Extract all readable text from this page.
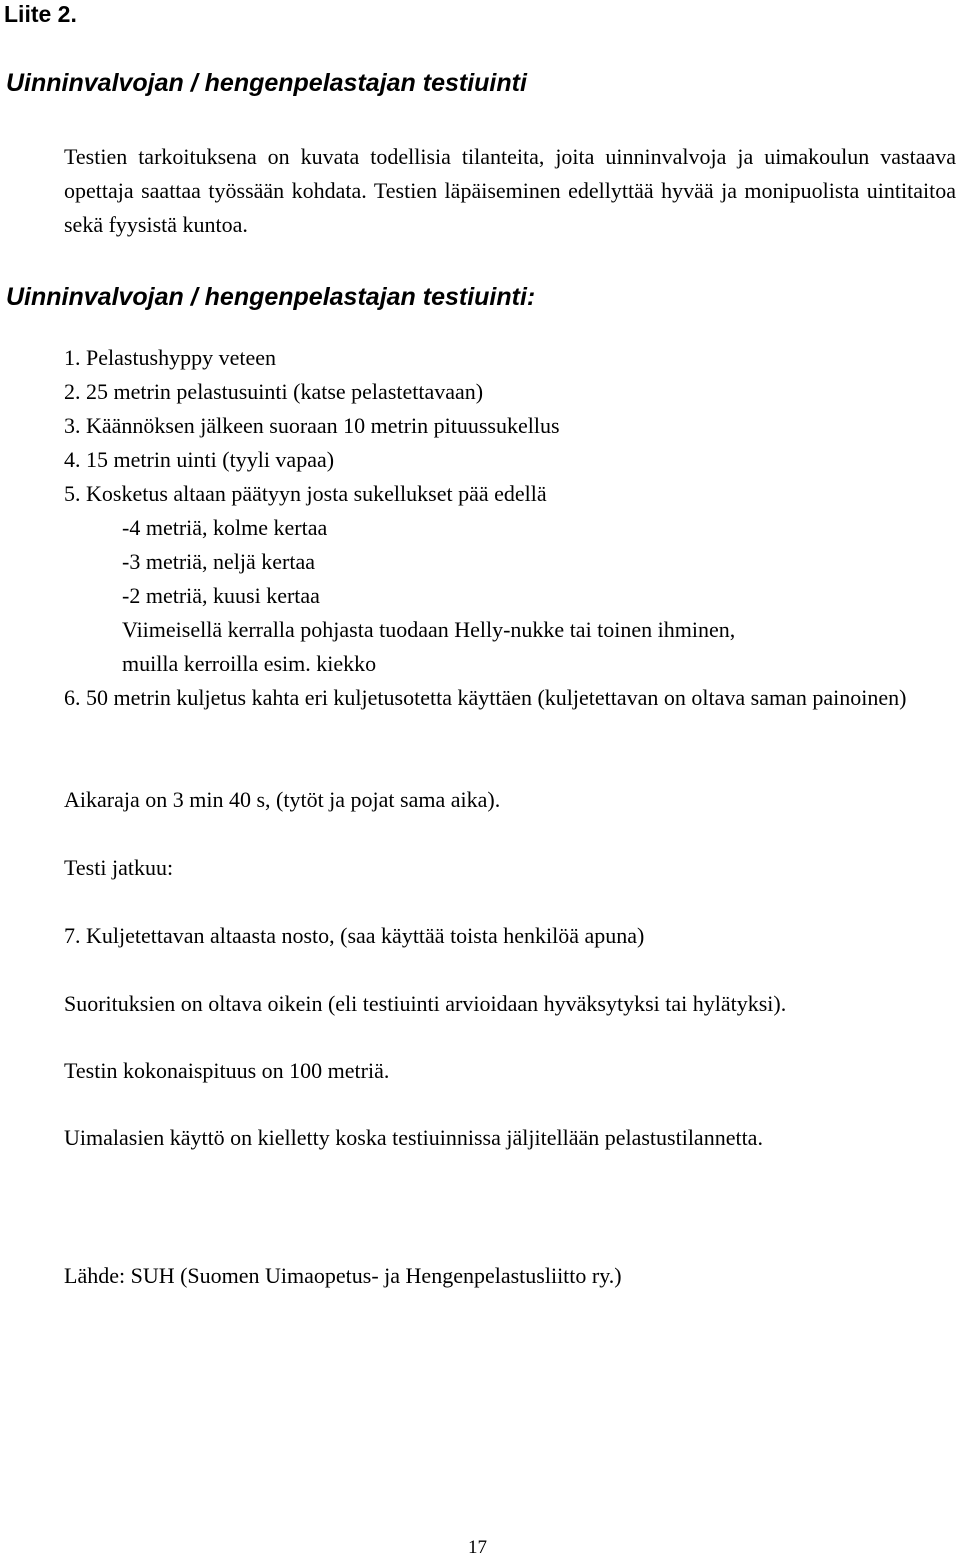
Liite 2.
Uinninvalvojan / hengenpelastajan testiuinti
Testien tarkoituksena on kuvata todellisia tilanteita, joita uinninvalvoja ja uimakoulun vastaava opettaja saattaa työssään kohdata. Testien läpäiseminen edellyttää hyvää ja monipuolista uintitaitoa sekä fyysistä kuntoa.
Uinninvalvojan / hengenpelastajan testiuinti:
1. Pelastushyppy veteen
2. 25 metrin pelastusuinti (katse pelastettavaan)
3. Käännöksen jälkeen suoraan 10 metrin pituussukellus
4. 15 metrin uinti (tyyli vapaa)
5. Kosketus altaan päätyyn josta sukellukset pää edellä
-4 metriä, kolme kertaa
-3 metriä, neljä kertaa
-2 metriä, kuusi kertaa
Viimeisellä kerralla pohjasta tuodaan Helly-nukke tai toinen ihminen,
muilla kerroilla esim. kiekko
6. 50 metrin kuljetus kahta eri kuljetusotetta käyttäen (kuljetettavan on oltava saman painoinen)
Aikaraja on 3 min 40 s, (tytöt ja pojat sama aika).
Testi jatkuu:
7. Kuljetettavan altaasta nosto, (saa käyttää toista henkilöä apuna)
Suorituksien on oltava oikein (eli testiuinti arvioidaan hyväksytyksi tai hylätyksi).
Testin kokonaispituus on 100 metriä.
Uimalasien käyttö on kielletty koska testiuinnissa jäljitellään pelastustilannetta.
Lähde: SUH (Suomen Uimaopetus- ja Hengenpelastusliitto ry.)
17
